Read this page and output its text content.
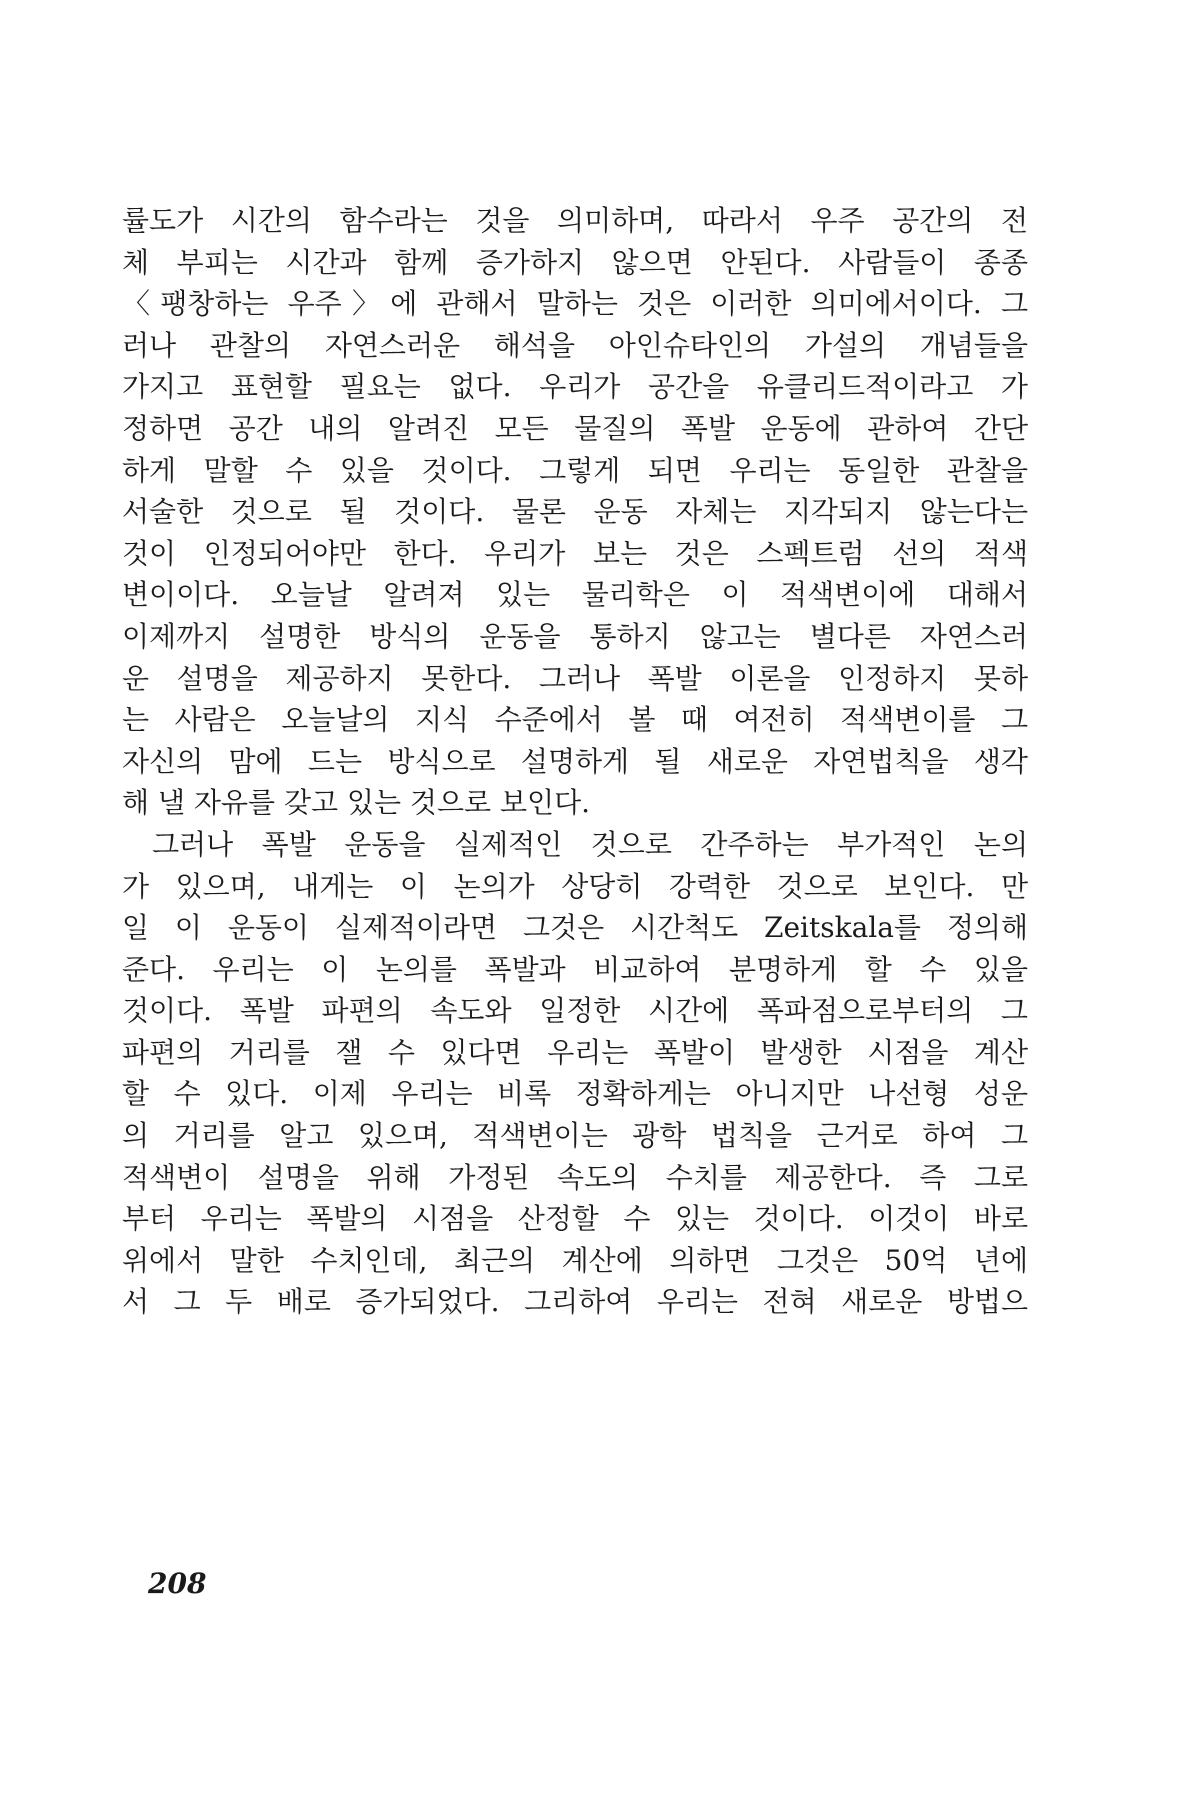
률도가 시간의 함수라는 것을 의미하며, 따라서 우주 공간의 전
체 부피는 시간과 함께 증가하지 않으면 안된다. 사람들이 종종
〈팽창하는 우주〉에 관해서 말하는 것은 이러한 의미에서이다. 그
러나 관찰의 자연스러운 해석을 아인슈타인의 가설의 개념들을
가지고 표현할 필요는 없다. 우리가 공간을 유클리드적이라고 가
정하면 공간 내의 알려진 모든 물질의 폭발 운동에 관하여 간단
하게 말할 수 있을 것이다. 그렇게 되면 우리는 동일한 관찰을
서술한 것으로 될 것이다. 물론 운동 자체는 지각되지 않는다는
것이 인정되어야만 한다. 우리가 보는 것은 스펙트럼 선의 적색
변이이다. 오늘날 알려져 있는 물리학은 이 적색변이에 대해서
이제까지 설명한 방식의 운동을 통하지 않고는 별다른 자연스러
운 설명을 제공하지 못한다. 그러나 폭발 이론을 인정하지 못하
는 사람은 오늘날의 지식 수준에서 볼 때 여전히 적색변이를 그
자신의 맘에 드는 방식으로 설명하게 될 새로운 자연법칙을 생각
해 낼 자유를 갖고 있는 것으로 보인다.
그러나 폭발 운동을 실제적인 것으로 간주하는 부가적인 논의
가 있으며, 내게는 이 논의가 상당히 강력한 것으로 보인다. 만
일 이 운동이 실제적이라면 그것은 시간척도 Zeitskala를 정의해
준다. 우리는 이 논의를 폭발과 비교하여 분명하게 할 수 있을
것이다. 폭발 파편의 속도와 일정한 시간에 폭파점으로부터의 그
파편의 거리를 잴 수 있다면 우리는 폭발이 발생한 시점을 계산
할 수 있다. 이제 우리는 비록 정확하게는 아니지만 나선형 성운
의 거리를 알고 있으며, 적색변이는 광학 법칙을 근거로 하여 그
적색변이 설명을 위해 가정된 속도의 수치를 제공한다. 즉 그로
부터 우리는 폭발의 시점을 산정할 수 있는 것이다. 이것이 바로
위에서 말한 수치인데, 최근의 계산에 의하면 그것은 50억 년에
서 그 두 배로 증가되었다. 그리하여 우리는 전혀 새로운 방법으
208
